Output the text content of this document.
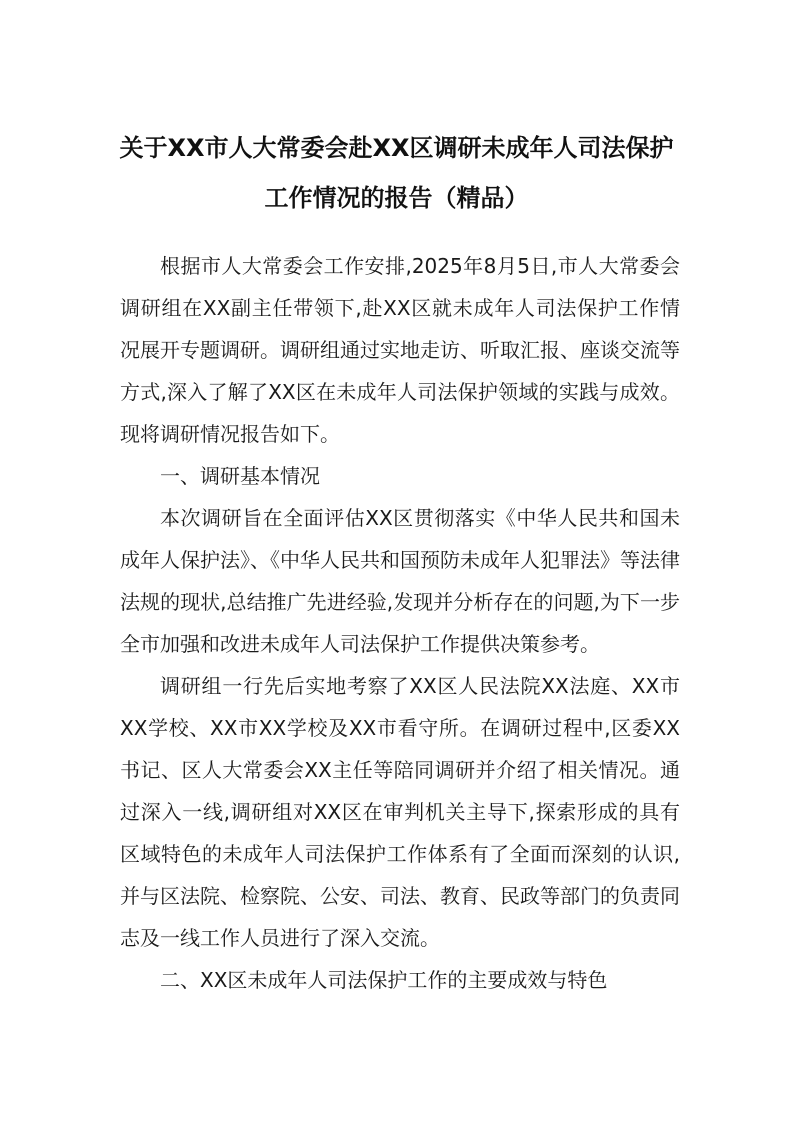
关于XX市人大常委会赴XX区调研未成年人司法保护
工作情况的报告（精品）

根据市人大常委会工作安排,2025年8月5日,市人大常委会调研组在XX副主任带领下,赴XX区就未成年人司法保护工作情况展开专题调研。调研组通过实地走访、听取汇报、座谈交流等方式,深入了解了XX区在未成年人司法保护领域的实践与成效。现将调研情况报告如下。

一、调研基本情况

本次调研旨在全面评估XX区贯彻落实《中华人民共和国未成年人保护法》、《中华人民共和国预防未成年人犯罪法》等法律法规的现状,总结推广先进经验,发现并分析存在的问题,为下一步全市加强和改进未成年人司法保护工作提供决策参考。

调研组一行先后实地考察了XX区人民法院XX法庭、XX市XX学校、XX市XX学校及XX市看守所。在调研过程中,区委XX书记、区人大常委会XX主任等陪同调研并介绍了相关情况。通过深入一线,调研组对XX区在审判机关主导下,探索形成的具有区域特色的未成年人司法保护工作体系有了全面而深刻的认识,并与区法院、检察院、公安、司法、教育、民政等部门的负责同志及一线工作人员进行了深入交流。

二、XX区未成年人司法保护工作的主要成效与特色
